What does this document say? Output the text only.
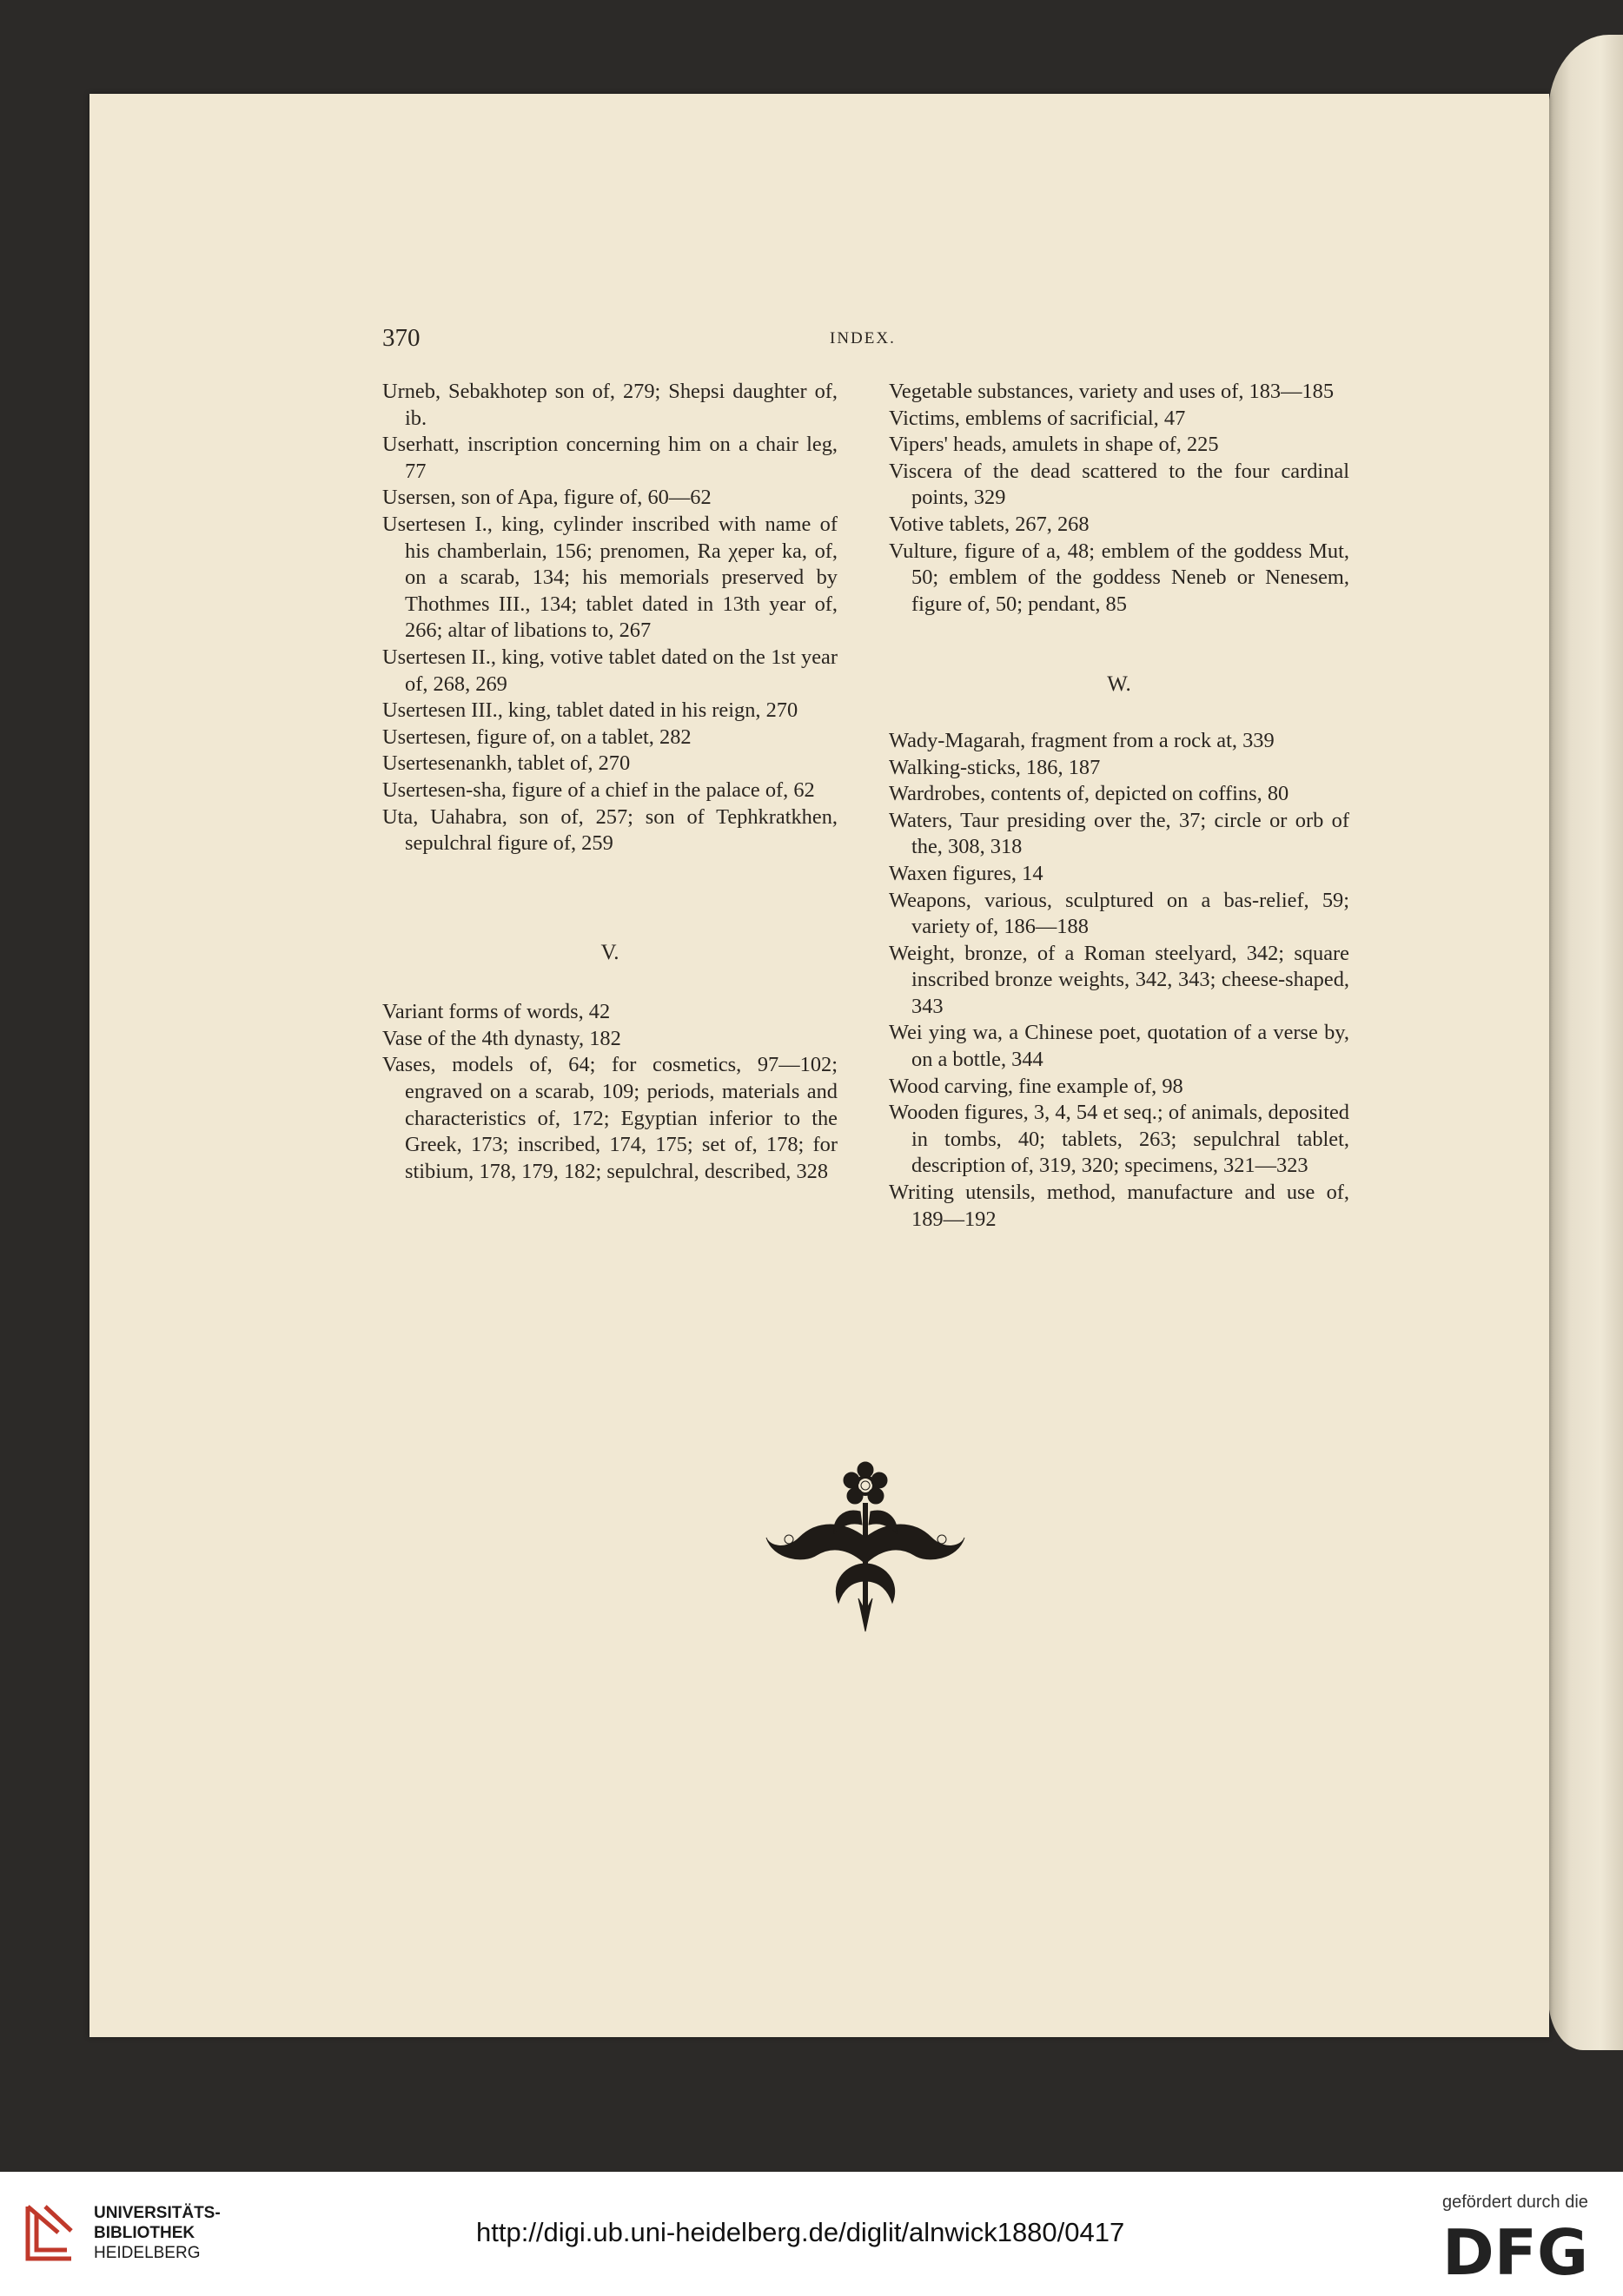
370	INDEX.
Urneb, Sebakhotep son of, 279; Shepsi daughter of, ib.
Userhatt, inscription concerning him on a chair leg, 77
Usersen, son of Apa, figure of, 60—62
Usertesen I., king, cylinder inscribed with name of his chamberlain, 156; prenomen, Ra χeper ka, of, on a scarab, 134; his memorials preserved by Thothmes III., 134; tablet dated in 13th year of, 266; altar of libations to, 267
Usertesen II., king, votive tablet dated on the 1st year of, 268, 269
Usertesen III., king, tablet dated in his reign, 270
Usertesen, figure of, on a tablet, 282
Usertesenankh, tablet of, 270
Usertesen-sha, figure of a chief in the palace of, 62
Uta, Uahabra, son of, 257; son of Tephkratkhen, sepulchral figure of, 259

V.

Variant forms of words, 42
Vase of the 4th dynasty, 182
Vases, models of, 64; for cosmetics, 97—102; engraved on a scarab, 109; periods, materials and characteristics of, 172; Egyptian inferior to the Greek, 173; inscribed, 174, 175; set of, 178; for stibium, 178, 179, 182; sepulchral, described, 328
Vegetable substances, variety and uses of, 183—185
Victims, emblems of sacrificial, 47
Vipers' heads, amulets in shape of, 225
Viscera of the dead scattered to the four cardinal points, 329
Votive tablets, 267, 268
Vulture, figure of a, 48; emblem of the goddess Mut, 50; emblem of the goddess Neneb or Nenesem, figure of, 50; pendant, 85

W.

Wady-Magarah, fragment from a rock at, 339
Walking-sticks, 186, 187
Wardrobes, contents of, depicted on coffins, 80
Waters, Taur presiding over the, 37; circle or orb of the, 308, 318
Waxen figures, 14
Weapons, various, sculptured on a bas-relief, 59; variety of, 186—188
Weight, bronze, of a Roman steelyard, 342; square inscribed bronze weights, 342, 343; cheese-shaped, 343
Wei ying wa, a Chinese poet, quotation of a verse by, on a bottle, 344
Wood carving, fine example of, 98
Wooden figures, 3, 4, 54 et seq.; of animals, deposited in tombs, 40; tablets, 263; sepulchral tablet, description of, 319, 320; specimens, 321—323
Writing utensils, method, manufacture and use of, 189—192
UNIVERSITÄTS-
BIBLIOTHEK
HEIDELBERG
http://digi.ub.uni-heidelberg.de/diglit/alnwick1880/0417
gefördert durch die
DFG
